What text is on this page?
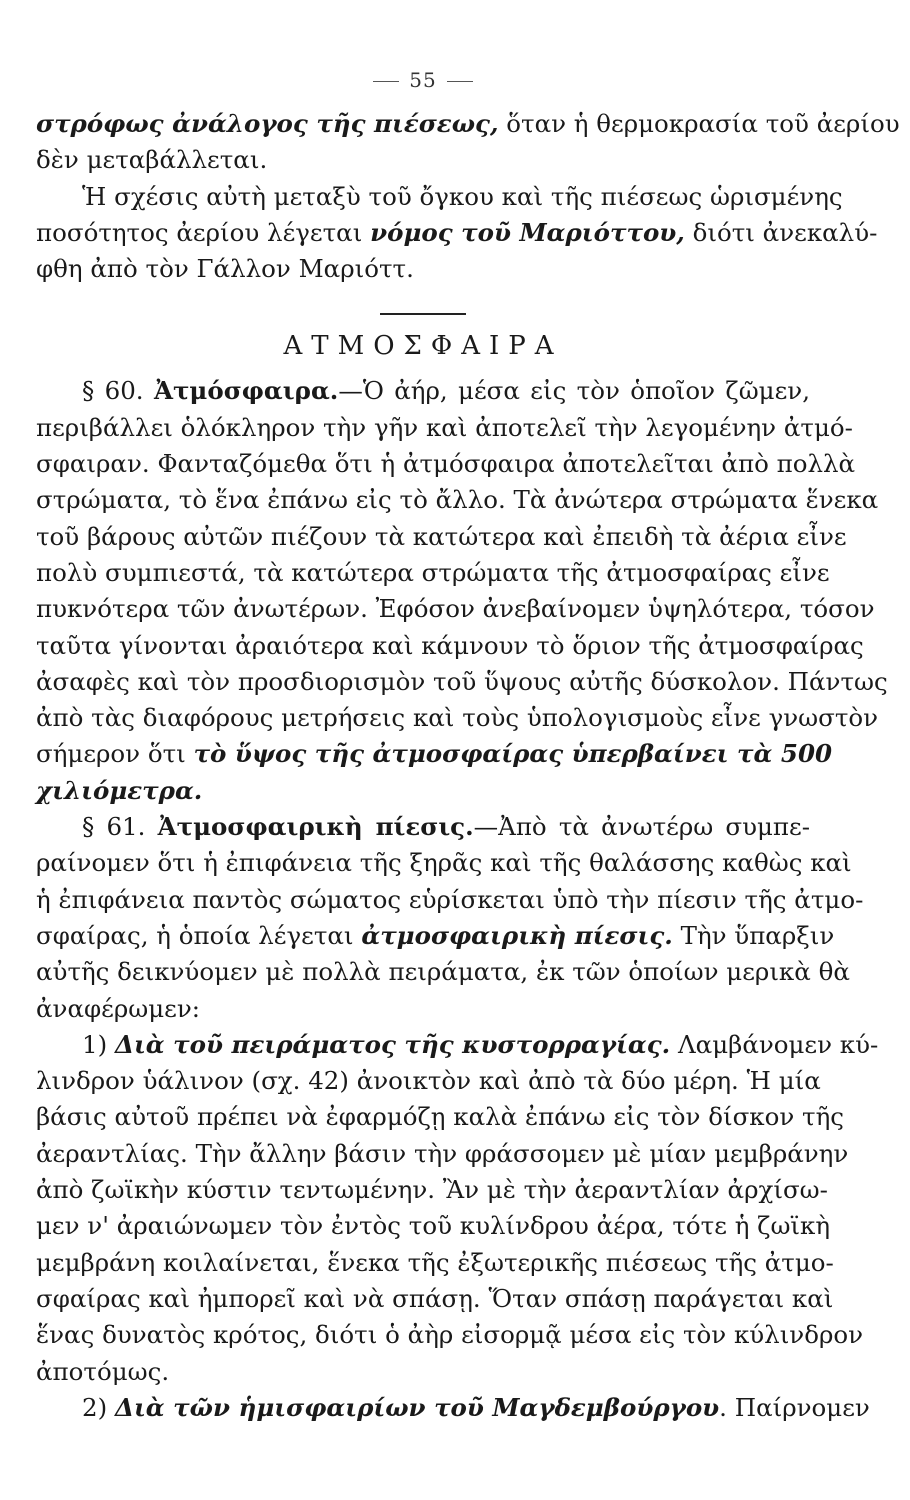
55
στρόφως ἀνάλογος τῆς πιέσεως, ὅταν ἡ θερμοκρασία τοῦ ἀερίου
δὲν μεταβάλλεται.
Ἡ σχέσις αὐτὴ μεταξὺ τοῦ ὄγκου καὶ τῆς πιέσεως ὡρισμένης
ποσότητος ἀερίου λέγεται νόμος τοῦ Μαριόττου, διότι ἀνεκαλύ-
φθη ἀπὸ τὸν Γάλλον Μαριόττ.
ΑΤΜΟΣΦΑΙΡΑ
§ 60. Ἀτμόσφαιρα.—Ὁ ἀήρ, μέσα εἰς τὸν ὁποῖον ζῶμεν,
περιβάλλει ὁλόκληρον τὴν γῆν καὶ ἀποτελεῖ τὴν λεγομένην ἀτμό-
σφαιραν. Φανταζόμεθα ὅτι ἡ ἀτμόσφαιρα ἀποτελεῖται ἀπὸ πολλὰ
στρώματα, τὸ ἕνα ἐπάνω εἰς τὸ ἄλλο. Τὰ ἀνώτερα στρώματα ἕνεκα
τοῦ βάρους αὐτῶν πιέζουν τὰ κατώτερα καὶ ἐπειδὴ τὰ ἀέρια εἶνε
πολὺ συμπιεστά, τὰ κατώτερα στρώματα τῆς ἀτμοσφαίρας εἶνε
πυκνότερα τῶν ἀνωτέρων. Ἐφόσον ἀνεβαίνομεν ὑψηλότερα, τόσον
ταῦτα γίνονται ἀραιότερα καὶ κάμνουν τὸ ὅριον τῆς ἀτμοσφαίρας
ἀσαφὲς καὶ τὸν προσδιορισμὸν τοῦ ὕψους αὐτῆς δύσκολον. Πάντως
ἀπὸ τὰς διαφόρους μετρήσεις καὶ τοὺς ὑπολογισμοὺς εἶνε γνωστὸν
σήμερον ὅτι τὸ ὕψος τῆς ἀτμοσφαίρας ὑπερβαίνει τὰ 500
χιλιόμετρα.
§ 61. Ἀτμοσφαιρικὴ πίεσις.—Ἀπὸ τὰ ἀνωτέρω συμπε-
ραίνομεν ὅτι ἡ ἐπιφάνεια τῆς ξηρᾶς καὶ τῆς θαλάσσης καθὼς καὶ
ἡ ἐπιφάνεια παντὸς σώματος εὑρίσκεται ὑπὸ τὴν πίεσιν τῆς ἀτμο-
σφαίρας, ἡ ὁποία λέγεται ἀτμοσφαιρικὴ πίεσις. Τὴν ὕπαρξιν
αὐτῆς δεικνύομεν μὲ πολλὰ πειράματα, ἐκ τῶν ὁποίων μερικὰ θὰ
ἀναφέρωμεν:
1) Διὰ τοῦ πειράματος τῆς κυστορραγίας. Λαμβάνομεν κύ-
λινδρον ὑάλινον (σχ. 42) ἀνοικτὸν καὶ ἀπὸ τὰ δύο μέρη. Ἡ μία
βάσις αὐτοῦ πρέπει νὰ ἐφαρμόζῃ καλὰ ἐπάνω εἰς τὸν δίσκον τῆς
ἀεραντλίας. Τὴν ἄλλην βάσιν τὴν φράσσομεν μὲ μίαν μεμβράνην
ἀπὸ ζωϊκὴν κύστιν τεντωμένην. Ἂν μὲ τὴν ἀεραντλίαν ἀρχίσω-
μεν ν' ἀραιώνωμεν τὸν ἐντὸς τοῦ κυλίνδρου ἀέρα, τότε ἡ ζωϊκὴ
μεμβράνη κοιλαίνεται, ἕνεκα τῆς ἐξωτερικῆς πιέσεως τῆς ἀτμο-
σφαίρας καὶ ἠμπορεῖ καὶ νὰ σπάσῃ. Ὅταν σπάσῃ παράγεται καὶ
ἕνας δυνατὸς κρότος, διότι ὁ ἀὴρ εἰσορμᾷ μέσα εἰς τὸν κύλινδρον
ἀποτόμως.
2) Διὰ τῶν ἡμισφαιρίων τοῦ Μαγδεμβούργου. Παίρνομεν
